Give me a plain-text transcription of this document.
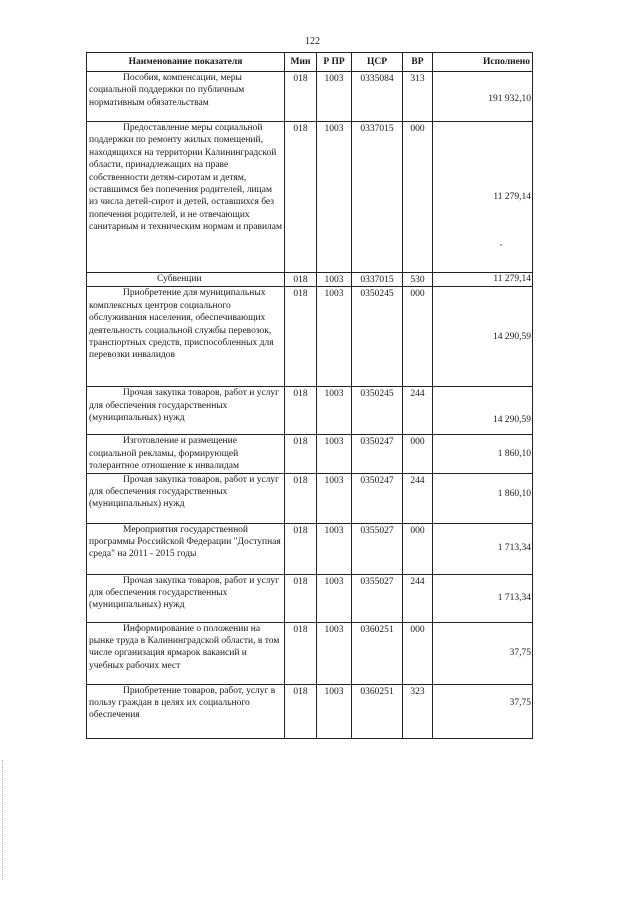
122
Наименование показателя	Мин	Р ПР	ЦСР	ВР	Исполнено
Пособия, компенсации, меры социальной поддержки по публичным нормативным обязательствам	018	1003	0335084	313	191 932,10
Предоставление меры социальной поддержки по ремонту жилых помещений, находящихся на территории Калининградской области, принадлежащих на праве собственности детям-сиротам и детям, оставшимся без попечения родителей, лицам из числа детей-сирот и детей, оставшихся без попечения родителей, и не отвечающих санитарным и техническим нормам и правилам	018	1003	0337015	000	11 279,14
Субвенции	018	1003	0337015	530	11 279,14
Приобретение для муниципальных комплексных центров социального обслуживания населения, обеспечивающих деятельность социальной службы перевозок, транспортных средств, приспособленных для перевозки инвалидов	018	1003	0350245	000	14 290,59
Прочая закупка товаров, работ и услуг для обеспечения государственных (муниципальных) нужд	018	1003	0350245	244	14 290,59
Изготовление и размещение социальной рекламы, формирующей толерантное отношение к инвалидам	018	1003	0350247	000	1 860,10
Прочая закупка товаров, работ и услуг для обеспечения государственных (муниципальных) нужд	018	1003	0350247	244	1 860,10
Мероприятия государственной программы Российской Федерации "Доступная среда" на 2011 - 2015 годы	018	1003	0355027	000	1 713,34
Прочая закупка товаров, работ и услуг для обеспечения государственных (муниципальных) нужд	018	1003	0355027	244	1 713,34
Информирование о положении на рынке труда в Калининградской области, в том числе организация ярмарок вакансий и учебных рабочих мест	018	1003	0360251	000	37,75
Приобретение товаров, работ, услуг в пользу граждан в целях их социального обеспечения	018	1003	0360251	323	37,75
